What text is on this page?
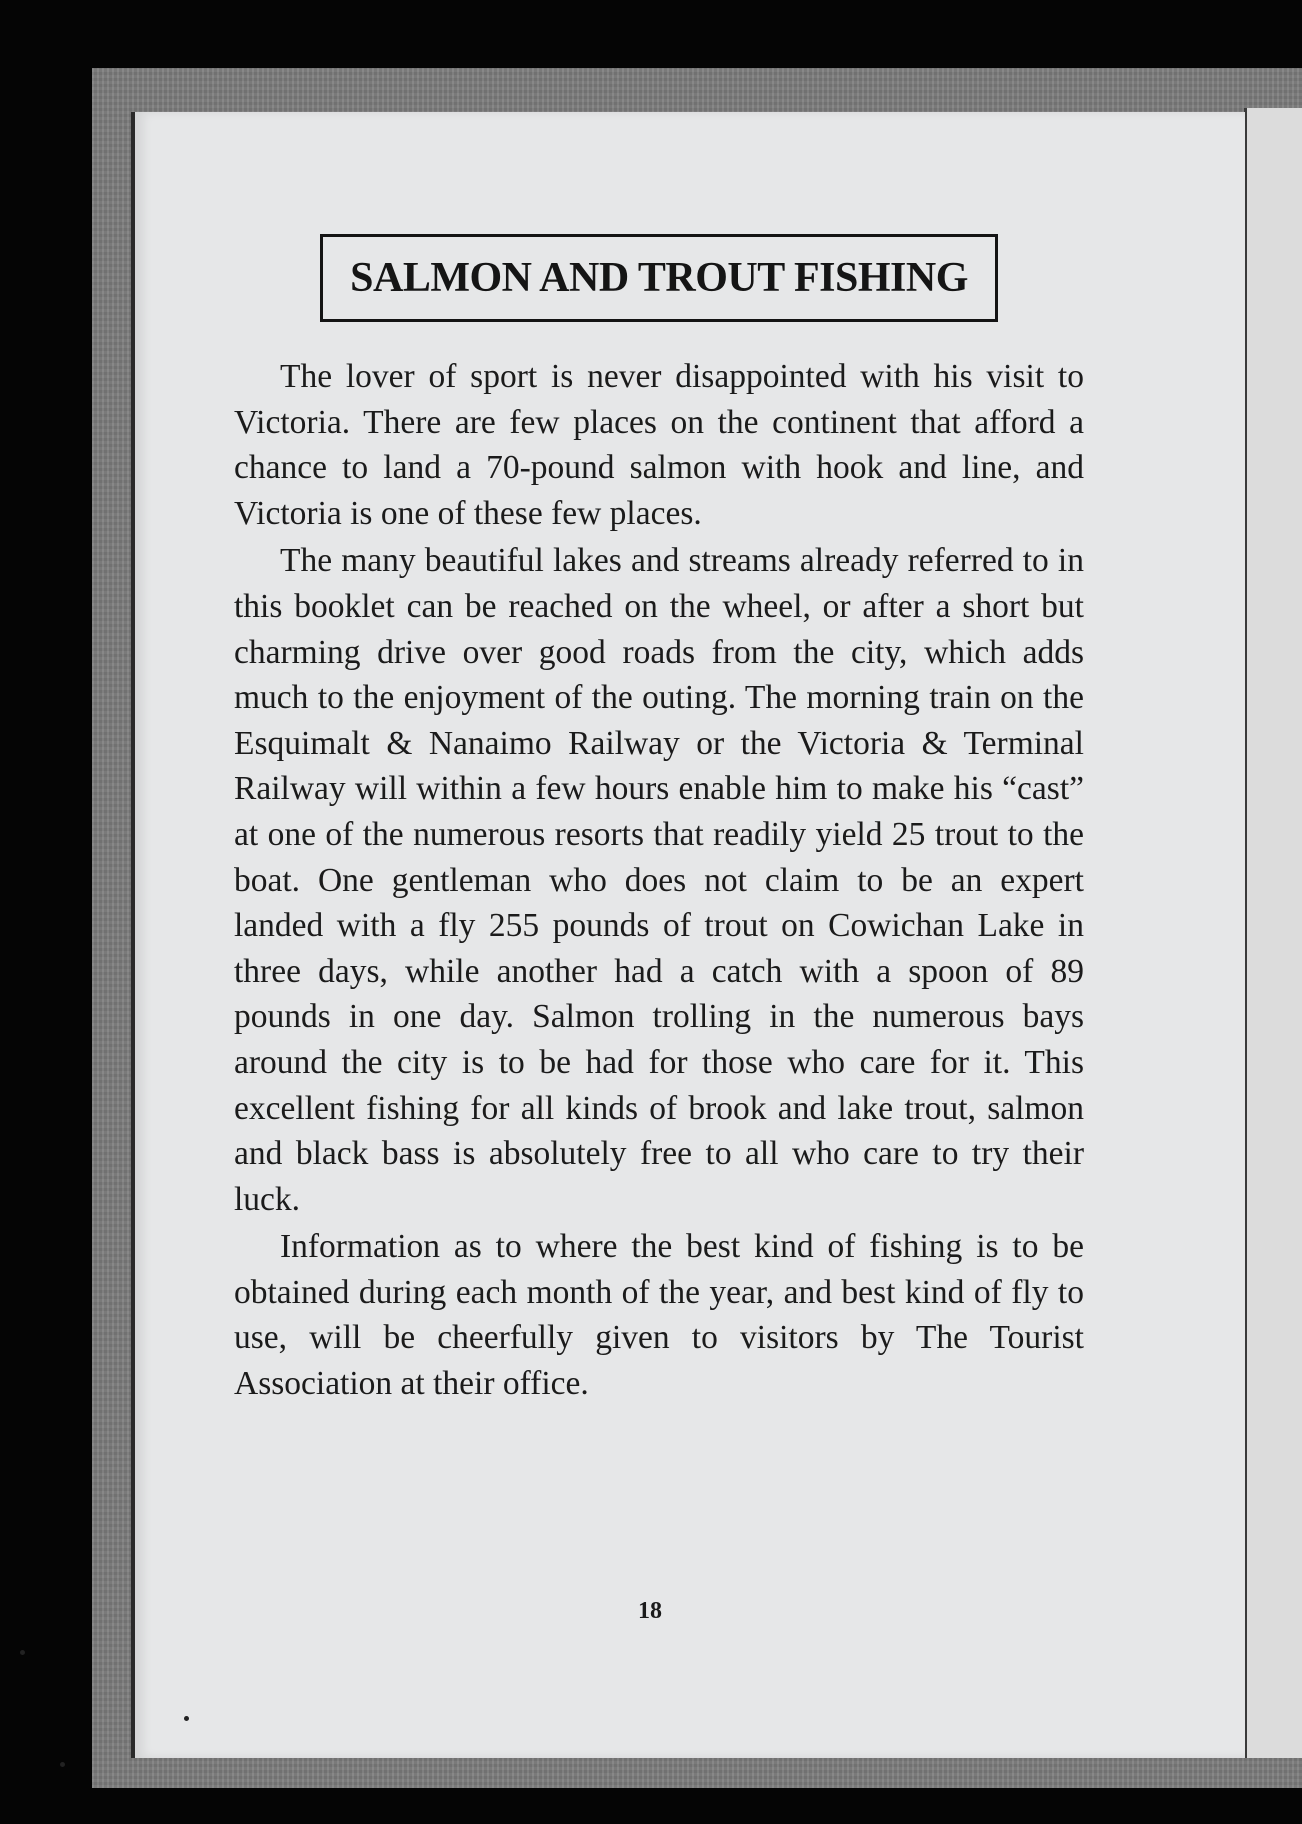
SALMON AND TROUT FISHING

The lover of sport is never disappointed with his visit to Victoria. There are few places on the continent that afford a chance to land a 70-pound salmon with hook and line, and Victoria is one of these few places.

The many beautiful lakes and streams already referred to in this booklet can be reached on the wheel, or after a short but charming drive over good roads from the city, which adds much to the enjoyment of the outing. The morning train on the Esquimalt & Nanaimo Railway or the Victoria & Terminal Railway will within a few hours enable him to make his “cast” at one of the numerous resorts that readily yield 25 trout to the boat. One gentleman who does not claim to be an expert landed with a fly 255 pounds of trout on Cowichan Lake in three days, while another had a catch with a spoon of 89 pounds in one day. Salmon trolling in the numerous bays around the city is to be had for those who care for it. This excellent fishing for all kinds of brook and lake trout, salmon and black bass is absolutely free to all who care to try their luck.

Information as to where the best kind of fishing is to be obtained during each month of the year, and best kind of fly to use, will be cheerfully given to visitors by The Tourist Association at their office.

18
